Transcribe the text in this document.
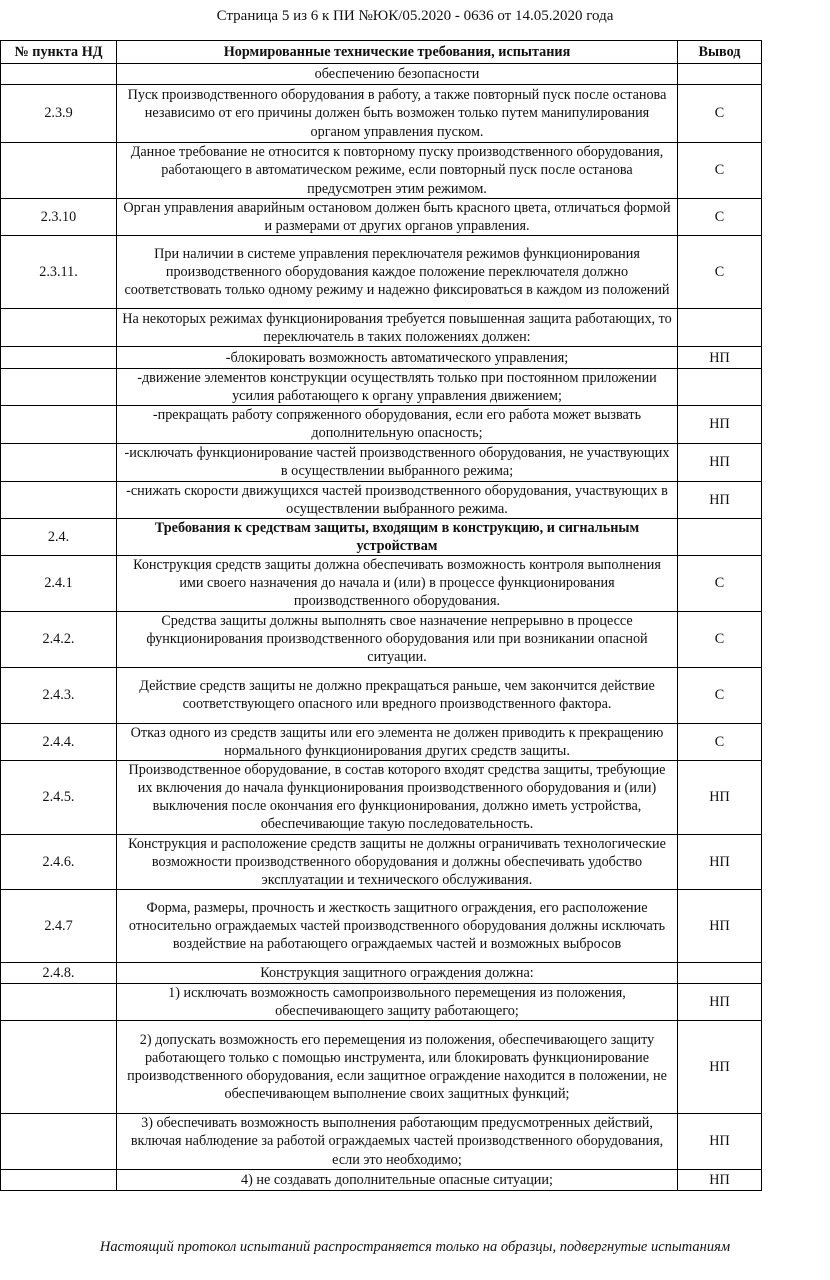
Страница 5 из 6 к ПИ №ЮК/05.2020 - 0636 от 14.05.2020 года
№ пункта НД	Нормированные технические требования, испытания	Вывод
	обеспечению безопасности	
2.3.9	Пуск производственного оборудования в работу, а также повторный пуск после останова независимо от его причины должен быть возможен только путем манипулирования органом управления пуском.	С
	Данное требование не относится к повторному пуску производственного оборудования, работающего в автоматическом режиме, если повторный пуск после останова предусмотрен этим режимом.	С
2.3.10	Орган управления аварийным остановом должен быть красного цвета, отличаться формой и размерами от других органов управления.	С
2.3.11.	При наличии в системе управления переключателя режимов функционирования производственного оборудования каждое положение переключателя должно соответствовать только одному режиму и надежно фиксироваться в каждом из положений	С
	На некоторых режимах функционирования требуется повышенная защита работающих, то переключатель в таких положениях должен:	
	-блокировать возможность автоматического управления;	НП
	-движение элементов конструкции осуществлять только при постоянном приложении усилия работающего к органу управления движением;	
	-прекращать работу сопряженного оборудования, если его работа может вызвать дополнительную опасность;	НП
	-исключать функционирование частей производственного оборудования, не участвующих в осуществлении выбранного режима;	НП
	-снижать скорости движущихся частей производственного оборудования, участвующих в осуществлении выбранного режима.	НП
2.4.	Требования к средствам защиты, входящим в конструкцию, и сигнальным устройствам	
2.4.1	Конструкция средств защиты должна обеспечивать возможность контроля выполнения ими своего назначения до начала и (или) в процессе функционирования производственного оборудования.	С
2.4.2.	Средства защиты должны выполнять свое назначение непрерывно в процессе функционирования производственного оборудования или при возникании опасной ситуации.	С
2.4.3.	Действие средств защиты не должно прекращаться раньше, чем закончится действие соответствующего опасного или вредного производственного фактора.	С
2.4.4.	Отказ одного из средств защиты или его элемента не должен приводить к прекращению нормального функционирования других средств защиты.	С
2.4.5.	Производственное оборудование, в состав которого входят средства защиты, требующие их включения до начала функционирования производственного оборудования и (или) выключения после окончания его функционирования, должно иметь устройства, обеспечивающие такую последовательность.	НП
2.4.6.	Конструкция и расположение средств защиты не должны ограничивать технологические возможности производственного оборудования и должны обеспечивать удобство эксплуатации и технического обслуживания.	НП
2.4.7	Форма, размеры, прочность и жесткость защитного ограждения, его расположение относительно ограждаемых частей производственного оборудования должны исключать воздействие на работающего ограждаемых частей и возможных выбросов	НП
2.4.8.	Конструкция защитного ограждения должна:	
	1) исключать возможность самопроизвольного перемещения из положения, обеспечивающего защиту работающего;	НП
	2) допускать возможность его перемещения из положения, обеспечивающего защиту работающего только с помощью инструмента, или блокировать функционирование производственного оборудования, если защитное ограждение находится в положении, не обеспечивающем выполнение своих защитных функций;	НП
	3) обеспечивать возможность выполнения работающим предусмотренных действий, включая наблюдение за работой ограждаемых частей производственного оборудования, если это необходимо;	НП
	4) не создавать дополнительные опасные ситуации;	НП
Настоящий протокол испытаний распространяется только на образцы, подвергнутые испытаниям
